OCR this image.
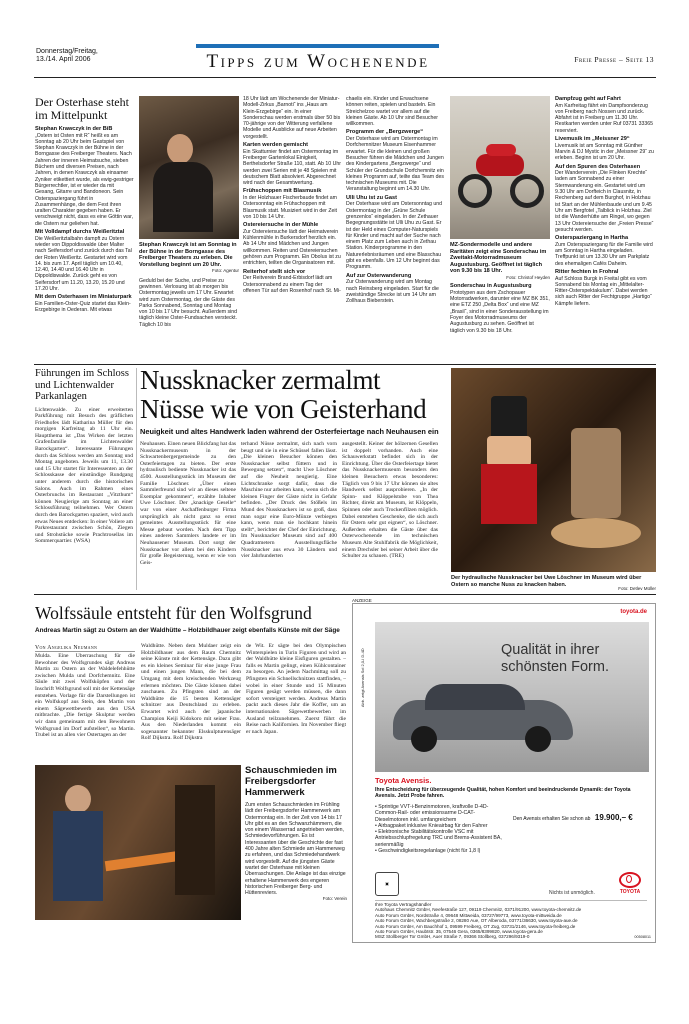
Donnerstag/Freitag,
13./14. April 2006	Tipps zum Wochenende	Freie Presse – Seite 13
Der Osterhase steht im Mittelpunkt
Stephan Krawczyk in der BiB
„Ostern ist Osten mit R“ heißt es am Sonntag ab 20 Uhr beim Gastspiel von Stephan Krawczyk in der Bühne in der Borngasse des Freiberger Theaters. Nach Jahren der inneren Heimatsuche, sieben Büchern und diversen Preisen, nach Jahren, in denen Krawczyk als einsamer Zyniker etikettiert wurde, als ewig-gestriger Bürgerrechtler, ist er wieder da mit Gesang, Gitarre und Bandoneon. Sein Osterspaziergang führt in Zusammenhänge, die dem Fest ihren uralten Charakter gegeben haben. Er verschweigt nicht, dass es eine Göttin war, die Ostern nur geliehen hat.
Mit Volldampf durchs Weißeritztal
Die Weißeritztalbahn dampft zu Ostern wieder von Dippoldiswalde über Malter nach Seifersdorf und zurück durch das Tal der Roten Weißeritz. Gestartet wird vom 14. bis zum 17. April täglich um 10.40, 12.40, 14.40 und 16.40 Uhr in Dippoldiswalde. Zurück geht es von Seifersdorf um 11.20, 13.20, 15.20 und 17.20 Uhr.
Mit dem Osterhasen im Miniaturpark
Ein Familien-Oster-Quiz startet das Klein-Erzgebirge in Oederan. Mit etwas
Stephan Krawczyk ist am Sonntag in der Bühne in der Borngasse des Freiberger Theaters zu erleben. Die Vorstellung beginnt um 20 Uhr.
Foto: Agentur
Geduld bei der Suche, und Preise zu gewinnen. Verlosung ist ab morgen bis Ostermontag jeweils um 17 Uhr. Erwartet wird zum Ostermontag, der die Gäste des Parks Sonnabend, Sonntag und Montag von 10 bis 17 Uhr besucht. Außerdem sind täglich kleine Oster-Fundsachen versteckt. Täglich 10 bis
18 Uhr lädt am Wochenende der Miniatur-Modell-Zirkus „Barnoti“ ins „Haus am Klein-Erzgebirge“ ein. In einer Sonderschau werden erstmals über 50 bis 70-jährige von der Witterung verfallene Modelle und Ausblicke auf neue Arbeiten vorgestellt.
Karten werden gemischt
Ein Skatturnier findet am Ostermontag im Freiberger Gartenlokal Einigkeit, Berthelsdorfer Straße 110, statt. Ab 10 Uhr werden zwei Serien mit je 48 Spielen mit deutschem Blatt absolviert. Abgerechnet wird nach der Gesamtwertung.
Frühschoppen mit Blasmusik
In der Holzhauer Fischerbaude findet am Ostersonntag ein Frühschoppen mit Blasmusik statt. Musiziert wird in der Zeit von 10 bis 14 Uhr.
Ostereiersuche in der Mühle
Zur Ostereiersuche lädt der Heimatverein Kühlenmühle in Burkersdorf herzlich ein. Ab 14 Uhr sind Mädchen und Jungen willkommen. Reiten und Ostereiersuchen gehören zum Programm. Ein Obolus ist zu entrichten, teilten die Organisatoren mit.
Reiterhof stellt sich vor
Der Reitverein Brand-Erbisdorf lädt am Ostersonnabend zu einem Tag der offenen Tür auf den Rosenhof nach St. Mi-
chaelis ein. Kinder und Erwachsene können reiten, spielen und basteln. Ein Streichelzoo wartet vor allem auf die kleinen Gäste. Ab 10 Uhr sind Besucher willkommen.
Programm der „Bergzwerge“
Der Osterhase wird am Ostermontag im Dorfchemnitzer Museum Eisenhammer erwartet. Für die kleinen und großen Besucher führen die Mädchen und Jungen des Kindergartens „Bergzwerge“ und Schüler der Grundschule Dorfchemnitz ein kleines Programm auf, teilte das Team des technischen Museums mit. Die Veranstaltung beginnt um 14.30 Uhr.
Ulli Uhu ist zu Gast
Der Osterhase wird am Ostersonntag und Ostermontag in der „Grüne Schule grenzenlos“ eingeladen. In der Zethauer Begegnungsstätte ist Ulli Uhu zu Gast. Er ist der Held eines Computer-Naturspiels für Kinder und macht auf der Suche nach einem Platz zum Leben auch in Zethau Station. Kinderprogramme in den Naturerlebnisräumen und eine Blasschau gibt es ebenfalls. Um 12 Uhr beginnt das Programm.
Auf zur Osterwanderung
Zur Osterwanderung wird am Montag nach Reinsberg eingeladen. Start für die zweistündige Strecke ist um 14 Uhr am Zollhaus Bieberstein.
MZ-Sondermodelle und andere Raritäten zeigt eine Sonderschau im Zweitakt-Motorradmuseum Augustusburg. Geöffnet ist täglich von 9.30 bis 18 Uhr.
Foto: Christof Heyden
Sonderschau in Augustusburg
Prototypen aus dem Zschopauer Motorradwerken, darunter eine MZ BK 351, eine ETZ 250 „Delta Box“ und eine MZ „Brasil“, sind in einer Sonderausstellung im Foyer des Motorradmuseums der Augustusburg zu sehen. Geöffnet ist täglich von 9.30 bis 18 Uhr.
Dampfzug geht auf Fahrt
Am Karfreitag fährt ein Dampfsonderzug von Freiberg nach Nossen und zurück. Abfahrt ist in Freiberg um 11.30 Uhr. Restkarten werden unter Ruf 03731 33365 reserviert.
Livemusik im „Meissner 29“
Livemusik ist am Sonntag mit Günther Marvin & DJ Mystic in der „Meissner 29“ zu erleben. Beginn ist um 20 Uhr.
Auf den Spuren des Osterhasen
Der Wanderverein „Die Flinken Krechte“ laden am Sonnabend zu einer Sternwanderung ein. Gestartet wird um 9.30 Uhr am Dorfteich in Clausnitz, in Rechenberg auf dem Burghof, in Holzhau ist Start an der Mühlenbaude und um 9.45 Uhr am Bergfotel „Talblick in Holzhau. Ziel ist die Wanderhütte am Ringel, wo gegen 13 Uhr Ostereiersuche der „Freien Presse“ gesucht werden.
Osterspaziergang in Hartha
Zum Osterspaziergang für die Familie wird am Sonntag in Hartha eingeladen. Treffpunkt ist um 13.30 Uhr am Parkplatz des ehemaligen Cafés Daheim.
Ritter fechten in Frohral
Auf Schloss Burgk in Freital gibt es vom Sonnabend bis Montag ein „Mittelalter-Ritter-Osterspektakulum“. Dabei werden sich auch Ritter der Fechtgruppe „Hartigo“ Kämpfe liefern.
Führungen im Schloss und Lichtenwalder Parkanlagen
Lichtenwalde. Zu einer erweiterten Parkführung mit Besuch des gräflichen Friedhofes lädt Katharina Müller für den morgigen Karfreitag ab 11 Uhr ein. Hauptthema ist „Das Wirken der letzten Grafenfamilie im Lichtenwalder Barockgarten“. Interessante Führungen durch das Schloss werden am Sonntag und Montag angeboten. Jeweils um 11, 13.30 und 15 Uhr startet für Interessenten an der Schlosskasse der einstündige Rundgang unter anderem durch die historischen Salons. Auch im Rahmen eines Osterbrunchs im Restaurant „Vitzthum“ können Neugierige am Sonntag an einer Schlossführung teilnehmen. Wer Ostern durch den Barockgarten spaziert, wird auch etwas Neues entdecken: In einer Voliere am Parkrestaurant zwischen Schön, Ziegen und Strohstücke sowie Prachtrosellas im Sommerquartier. (WSA)
Nussknacker zermalmt Nüsse wie von Geisterhand
Neuigkeit und altes Handwerk laden während der Osterfeiertage nach Neuhausen ein
Neuhausen. Einen neuen Blickfang hat das Nussknackermuseum in der Schwartenbergergemeinde zu den Osterfeiertagen zu bieten. Der erste hydraulisch bediente Nussknacker ist das 4500. Ausstellungsstück im Museum der Familie Löschner. „Über einen Sammlerfreund sind wir an dieses seltene Exemplar gekommen“, erzählte Inhaber Uwe Löschner. Der „knackige Geselle“ war von einer Aschaffenburger Firma ursprünglich als nicht ganz so ernst gemeintes Ausstellungsstück für eine Messe gebaut worden. Nach dem Tipp eines anderen Sammlers landete er im Neuhausener Museum. Dort sorgt der Nussknacker vor allem bei den Kindern für große Begeisterung, wenn er wie von Geis-
terhand Nüsse zermalmt, sich nach vorn beugt und sie in eine Schüssel fallen lässt. „Die kleinen Besucher können den Nussknacker selbst füttern und in Bewegung setzen“, macht Uwe Löschner auf die Neuheit neugierig. Eine Lichtschranke sorgt dafür, dass die Maschine nur arbeiten kann, wenn sich die kleinen Finger der Gäste nicht in Gefahr befinden. „Der Druck des Stößels im Mund des Nussknackers ist so groß, dass man sogar eine Euro-Münze verbiegen kann, wenn man sie hochkant hinein stellt“, berichtet der Chef der Einrichtung. Im Nussknacker Museum sind auf 400 Quadratmetern Ausstellungsfläche Nussknacker aus etwa 30 Ländern und vier Jahrhunderten
ausgestellt. Keiner der hölzernen Gesellen ist doppelt vorhanden. Auch eine Schauwerkstatt befindet sich in der Einrichtung. Über die Osterfeiertage bietet das Nussknackermuseum besonders den kleinen Besuchern etwas besonderes: Täglich von 9 bis 17 Uhr können sie altes Handwerk selbst ausprobieren. „In der Spinn- und Klöppelstube von Thea Richter, direkt am Museum, ist Klöppeln, Spinnen oder auch Trockenfilzen möglich. Dabei entstehen Geschenke, die sich auch für Ostern sehr gut eignen“, so Löschner. Außerdem erhalten die Gäste über das Osterwochenende im technischen Museum Alte Stuhlfabrik die Möglichkeit, einem Drechsler bei seiner Arbeit über die Schulter zu schauen. (TRE)
Der hydraulische Nussknacker bei Uwe Löschner im Museum wird über Ostern so manche Nuss zu knacken haben.
Foto: Detlev Müller
Wolfssäule entsteht für den Wolfsgrund
Andreas Martin sägt zu Ostern an der Waldhütte – Holzbildhauer zeigt ebenfalls Künste mit der Säge
Von Angelika Neumann
Mulda. Eine Überraschung für die Bewohner des Wolfsgrundes sägt Andreas Martin zu Ostern an der Waldelefehhütte zwischen Mulda und Dorfchemnitz. Eine Säule mit zwei Wolfsköpfen und der Inschrift Wolfsgrund soll mit der Kettensäge entstehen. Vorlage für die Darstellungen ist ein Wolfskopf aus Stein, den Martin von einem Sägewettbewerb aus den USA mitbrachte. „Die fertige Skulptur werden wir dann gemeinsam mit den Bewohnern Wolfsgrund im Dorf aufstellen“, so Martin. Trubel ist an allen vier Ostertagen an der
Waldhütte. Neben dem Muldaer zeigt ein Holzbildhauer aus dem Raum Chemnitz seine Künste mit der Kettensäge. Dazu gibt es ein kleines Seminar für eine junge Frau und einen jungen Mann, die bei dem Umgang mit dem kreischenden Werkzeug erlernen möchten. Die Gäste können dabei zuschauen. Zu Pfingsten sind an der Waldhütte die 15 besten Kettensäger schnitzer aus Deutschland zu erleben. Erwartet wird auch der japanische Champion Keiji Kidokoro mit seiner Frau. Aus den Niederlanden kommt ein sogenannter bekannter Elsskulpturensäger Rolf Dijkstra. Rolf Dijkstra
de Wit. Er sägte bei den Olympischen Winterspielen in Turin Figuren und wird an der Waldhütte kleine Eisfiguren gestalten. – falls es Martin gelingt, einen Kühlcontainer zu besorgen. An jedem Nachmittag soll zu Pfingsten ein Schnellschnitzen stattfinden, – wobei in einer Stunde und 15 Minuten Figuren gesägt werden müssen, die dann sofort versteigert werden. Andreas Martin packt auch dieses Jahr die Koffer, um an internationalen Sägewettbewerben im Ausland teilzunehmen. Zuerst führt die Reise nach Kalifornien. Im November fliegt er nach Japan.
Schauschmieden im Freibergsdorfer Hammerwerk
Zum ersten Schauschmieden im Frühling lädt der Freibergsdorfer Hammerwerk am Ostermontag ein. In der Zeit von 14 bis 17 Uhr gibt es an den Schwanzhämmern, die von einem Wasserrad angetrieben werden, Schmiedevorführungen. Es ist Interessanten über die Geschichte der fast 400 Jahre alten Schmiede am Hammerweg zu erfahren, und das Schmiedehandwerk wird vorgestellt. Auf die jüngsten Gäste wartet der Osterhase mit kleinen Überraschungen. Die Anlage ist das einzige erhaltene Hammerwerk des engeren historischen Freiberger Berg- und Hüttenreviers.
Foto: Verein
ANZEIGE
Abb. zeigt Avensis Sol 2,0-l D-4D
toyota.de
Qualität in ihrer schönsten Form.
Toyota Avensis.
Ihre Entscheidung für überzeugende Qualität, hohen Komfort und beeindruckende Dynamik: der Toyota Avensis. Jetzt Probe fahren.
• Sprintige VVT-i-Benzinmotoren, kraftvolle D-4D-Common-Rail- oder emissionsarme D-CAT-Dieselmotoren inkl. umfangreichem
• Airbagpaket inklusive Knieairbag für den Fahrer
• Elektronische Stabilitätskontrolle VSC mit Antriebsschlupfregelung TRC und Brems-Assistent BA, serienmäßig
• Geschwindigkeitsregelanlage (nicht für 1,8 l)
Den Avensis erhalten Sie schon ab 19.900,– €
▣
Nichts ist unmöglich.	TOYOTA
Ihre Toyota Vertragshändler
Autohaus Chemnitz GmbH, Neefestraße 127, 09119 Chemnitz, 0371/91200, www.toyota-chemnitz.de
Auto Forum GmbH, Nordstraße 4, 09648 Mittweida, 03727/99773, www.toyota-mittweida.de
Auto Forum GmbH, Wachbergstraße 2, 08280 Aue, OT Alberoda, 03771/36630, www.toyota-aue.de
Auto Forum GmbH, Am Bauchhof 1, 09599 Freiberg, OT Zug, 03731/2146, www.toyota-freiberg.de
Auto Forum GmbH, Haubtstr. 35, 07546 Gera, 0365/8399820, www.toyota-gera.de
MSZ Stollberger Tor GmbH, Auer Straße 7, 09366 Stollberg, 037296/9319-0	00508011
